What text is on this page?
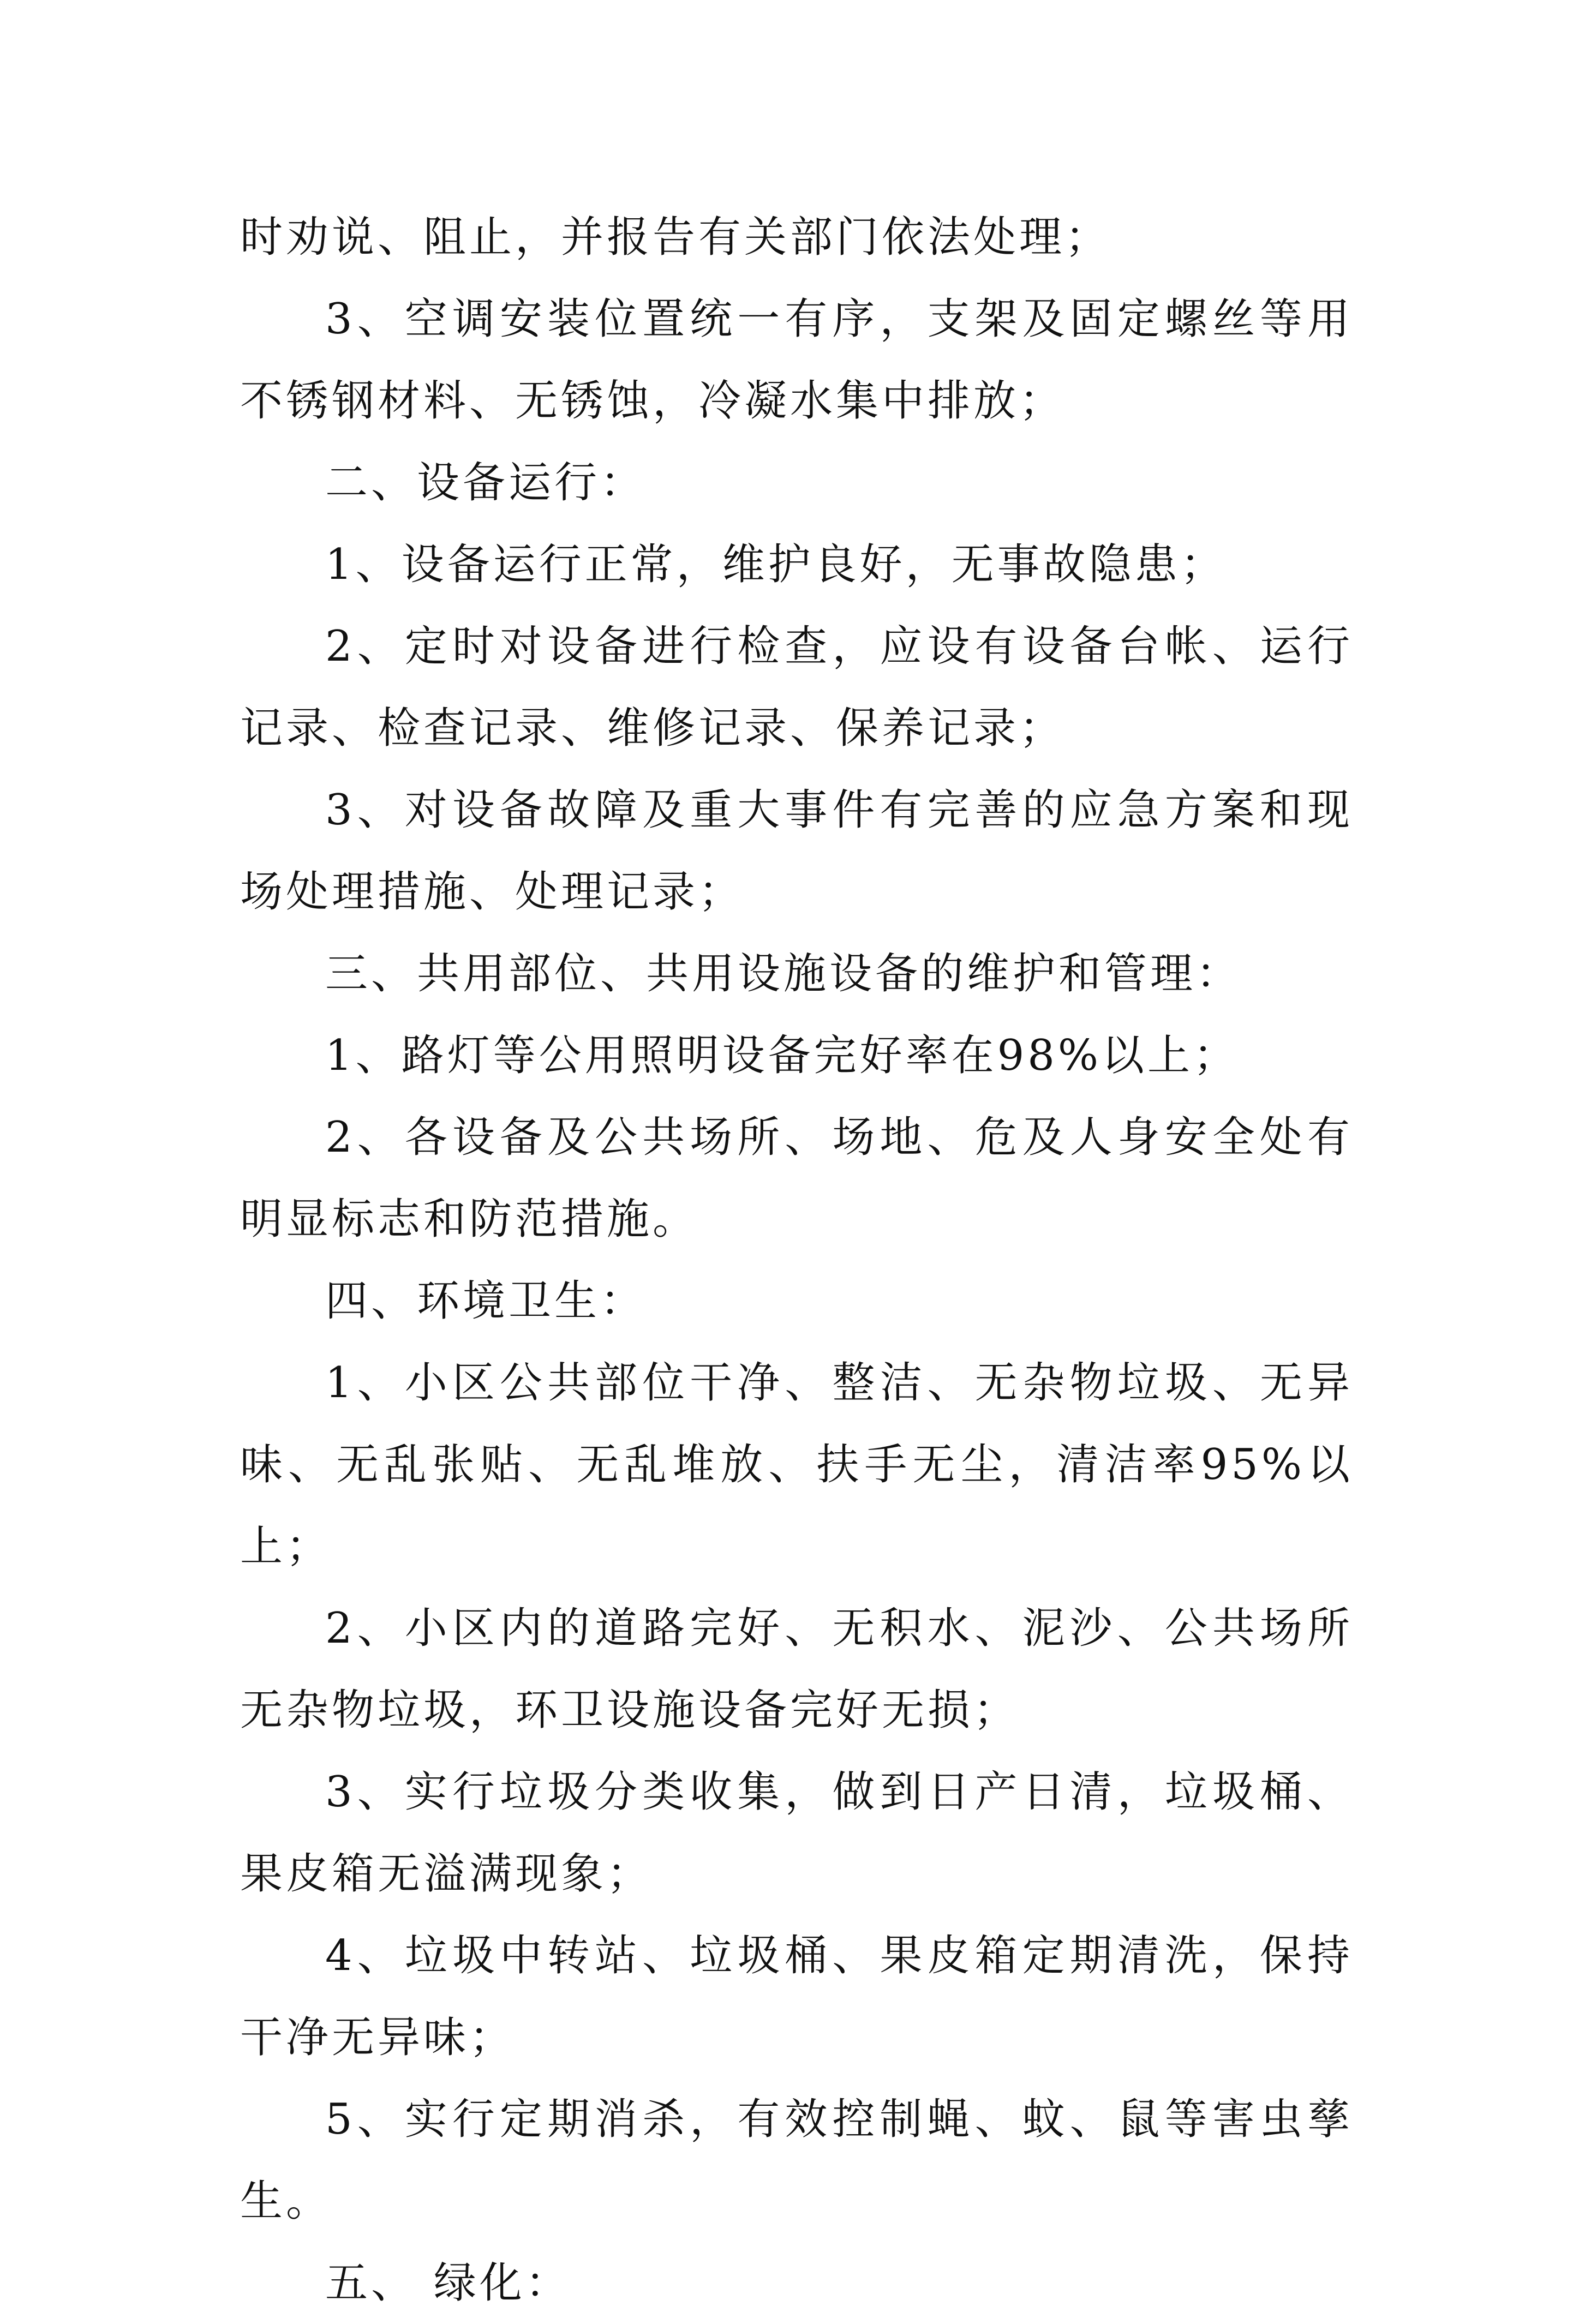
时劝说、阻止，并报告有关部门依法处理；

3、空调安装位置统一有序，支架及固定螺丝等用不锈钢材料、无锈蚀，冷凝水集中排放；

二、设备运行：

1、设备运行正常，维护良好，无事故隐患；

2、定时对设备进行检查，应设有设备台帐、运行记录、检查记录、维修记录、保养记录；

3、对设备故障及重大事件有完善的应急方案和现场处理措施、处理记录；

三、共用部位、共用设施设备的维护和管理：

1、路灯等公用照明设备完好率在98%以上；

2、各设备及公共场所、场地、危及人身安全处有明显标志和防范措施。

四、环境卫生：

1、小区公共部位干净、整洁、无杂物垃圾、无异味、无乱张贴、无乱堆放、扶手无尘，清洁率95%以上；

2、小区内的道路完好、无积水、泥沙、公共场所无杂物垃圾，环卫设施设备完好无损；

3、实行垃圾分类收集，做到日产日清，垃圾桶、果皮箱无溢满现象；

4、垃圾中转站、垃圾桶、果皮箱定期清洗，保持干净无异味；

5、实行定期消杀，有效控制蝇、蚊、鼠等害虫孳生。

五、 绿化：
